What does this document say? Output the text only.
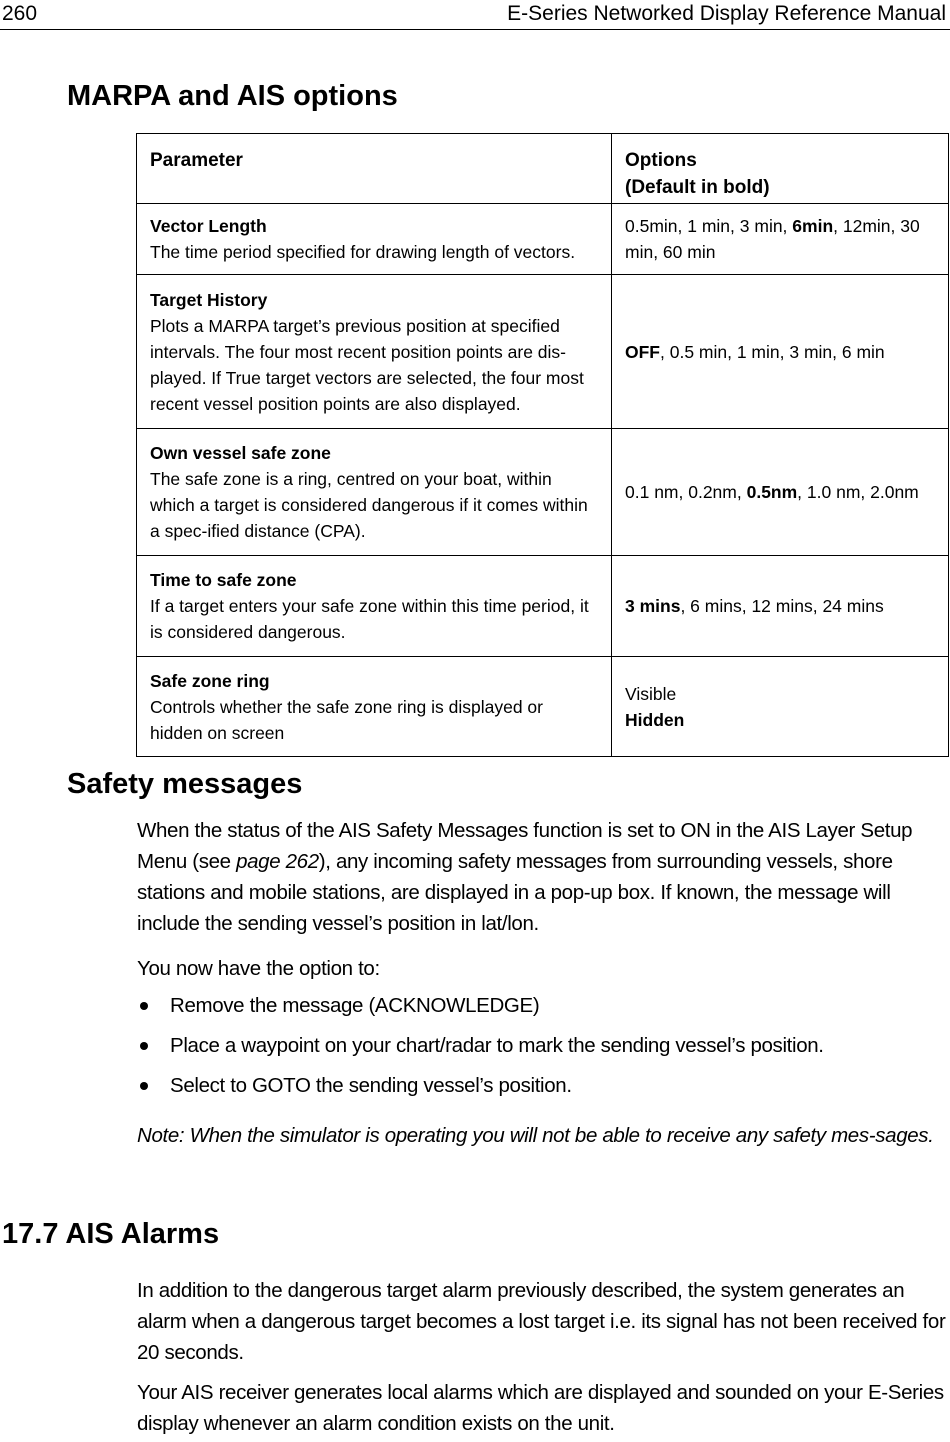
260	E-Series Networked Display Reference Manual
MARPA and AIS options
Parameter	Options
(Default in bold)

Vector Length
The time period specified for drawing length of vectors.	0.5min, 1 min, 3 min, 6min, 12min, 30 min, 60 min

Target History
Plots a MARPA target’s previous position at specified intervals. The four most recent position points are dis-played. If True target vectors are selected, the four most recent vessel position points are also displayed.	OFF, 0.5 min, 1 min, 3 min, 6 min

Own vessel safe zone
The safe zone is a ring, centred on your boat, within which a target is considered dangerous if it comes within a spec-ified distance (CPA).	0.1 nm, 0.2nm, 0.5nm, 1.0 nm, 2.0nm

Time to safe zone
If a target enters your safe zone within this time period, it is considered dangerous.	3 mins, 6 mins, 12 mins, 24 mins

Safe zone ring
Controls whether the safe zone ring is displayed or hidden on screen	Visible
Hidden
Safety messages

When the status of the AIS Safety Messages function is set to ON in the AIS Layer Setup Menu (see page 262), any incoming safety messages from surrounding vessels, shore stations and mobile stations, are displayed in a pop-up box. If known, the message will include the sending vessel’s position in lat/lon.

You now have the option to:

Remove the message (ACKNOWLEDGE)
Place a waypoint on your chart/radar to mark the sending vessel’s position.
Select to GOTO the sending vessel’s position.

Note: When the simulator is operating you will not be able to receive any safety mes-sages.

17.7 AIS Alarms

In addition to the dangerous target alarm previously described, the system generates an alarm when a dangerous target becomes a lost target i.e. its signal has not been received for 20 seconds.

Your AIS receiver generates local alarms which are displayed and sounded on your E-Series display whenever an alarm condition exists on the unit.
